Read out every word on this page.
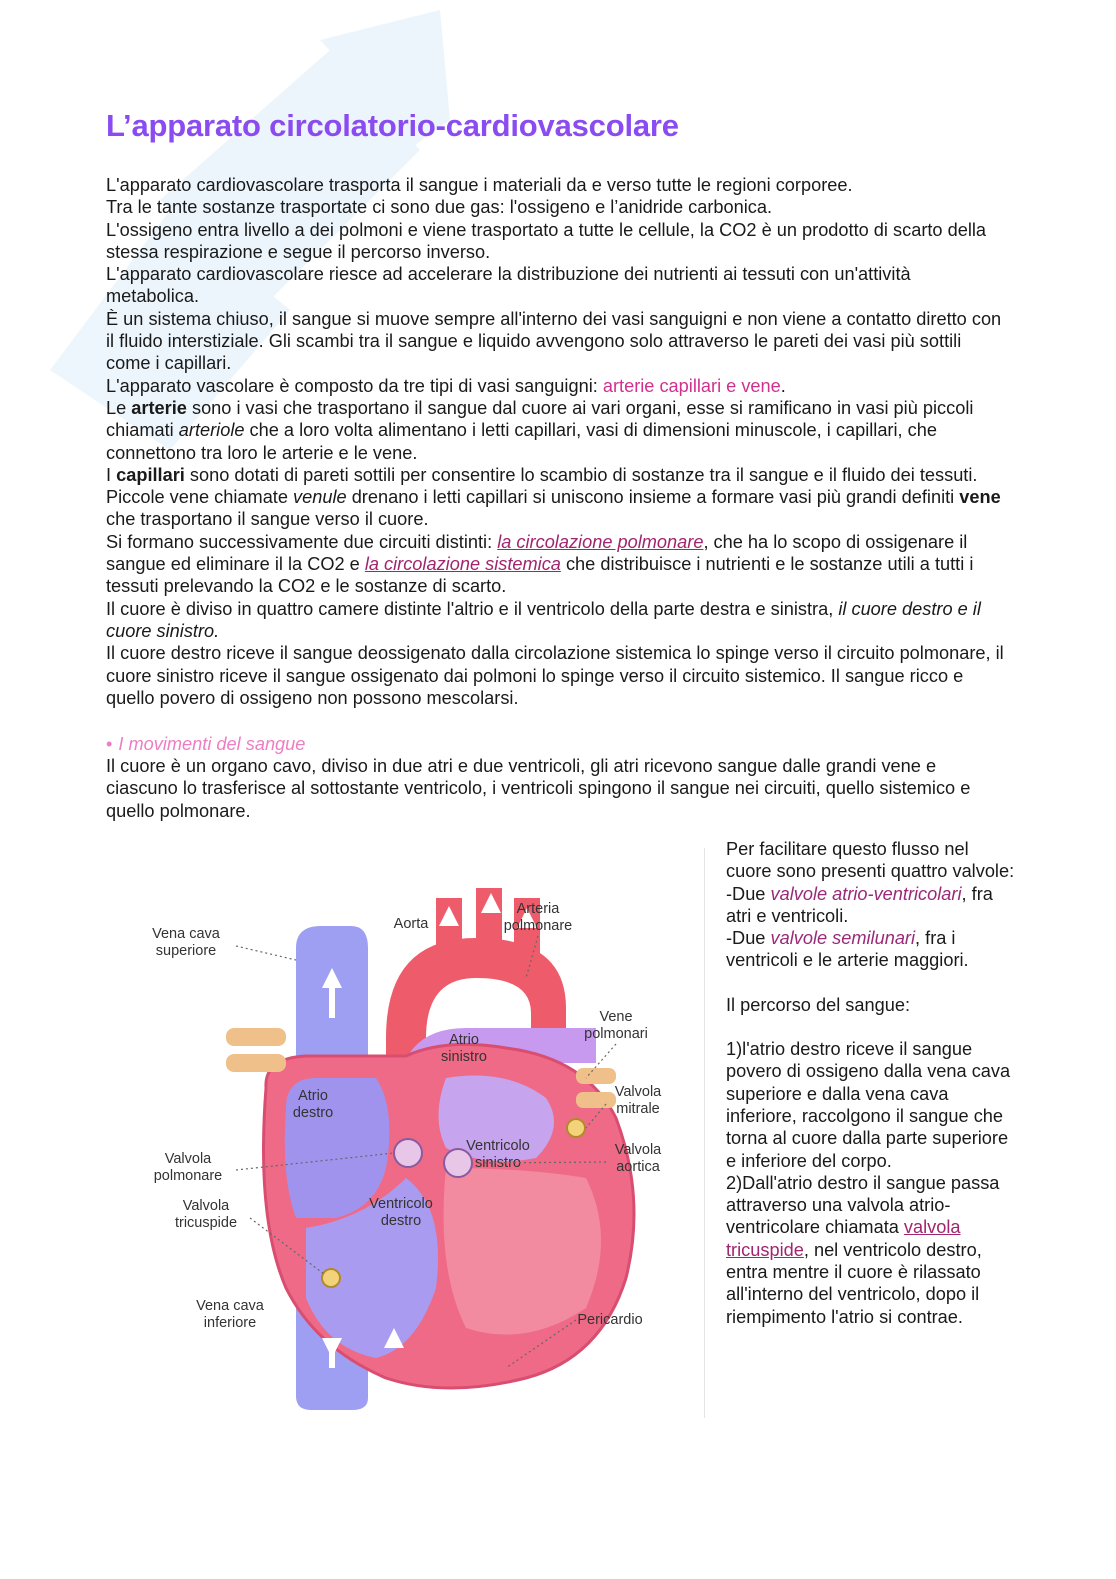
L’apparato circolatorio-cardiovascolare

L'apparato cardiovascolare trasporta il sangue i materiali da e verso tutte le regioni corporee.

Tra le tante sostanze trasportate ci sono due gas: l'ossigeno e l’anidride carbonica.

L'ossigeno entra livello a dei polmoni e viene trasportato a tutte le cellule, la CO2 è un prodotto di scarto della stessa respirazione e segue il percorso inverso.

L'apparato cardiovascolare riesce ad accelerare la distribuzione dei nutrienti ai tessuti con un'attività metabolica.

È un sistema chiuso, il sangue si muove sempre all'interno dei vasi sanguigni e non viene a contatto diretto con il fluido interstiziale. Gli scambi tra il sangue e liquido avvengono solo attraverso le pareti dei vasi più sottili come i capillari.

L'apparato vascolare è composto da tre tipi di vasi sanguigni: arterie capillari e vene.

Le arterie sono i vasi che trasportano il sangue dal cuore ai vari organi, esse si ramificano in vasi più piccoli chiamati arteriole che a loro volta alimentano i letti capillari, vasi di dimensioni minuscole, i capillari, che connettono tra loro le arterie e le vene.

I capillari sono dotati di pareti sottili per consentire lo scambio di sostanze tra il sangue e il fluido dei tessuti. Piccole vene chiamate venule drenano i letti capillari si uniscono insieme a formare vasi più grandi definiti vene che trasportano il sangue verso il cuore.

Si formano successivamente due circuiti distinti: la circolazione polmonare, che ha lo scopo di ossigenare il sangue ed eliminare il la CO2 e la circolazione sistemica che distribuisce i nutrienti e le sostanze utili a tutti i tessuti prelevando la CO2 e le sostanze di scarto.

Il cuore è diviso in quattro camere distinte l'altrio e il ventricolo della parte destra e sinistra, il cuore destro e il cuore sinistro.

Il cuore destro riceve il sangue deossigenato dalla circolazione sistemica lo spinge verso il circuito polmonare, il cuore sinistro riceve il sangue ossigenato dai polmoni lo spinge verso il circuito sistemico. Il sangue ricco e quello povero di ossigeno non possono mescolarsi.

• I movimenti del sangue

Il cuore è un organo cavo, diviso in due atri e due ventricoli, gli atri ricevono sangue dalle grandi vene e ciascuno lo trasferisce al sottostante ventricolo, i ventricoli spingono il sangue nei circuiti, quello sistemico e quello polmonare.

Vena cava
superiore
Aorta
Arteria
polmonare
Vene
polmonari
Atrio
sinistro
Atrio
destro
Valvola
mitrale
Valvola
aortica
Ventricolo
sinistro
Valvola
polmonare
Valvola
tricuspide
Ventricolo
destro
Vena cava
inferiore	Pericardio

Per facilitare questo flusso nel cuore sono presenti quattro valvole:

-Due valvole atrio-ventricolari, fra atri e ventricoli.

-Due valvole semilunari, fra i ventricoli e le arterie maggiori.

Il percorso del sangue:

1)l'atrio destro riceve il sangue povero di ossigeno dalla vena cava superiore e dalla vena cava inferiore, raccolgono il sangue che torna al cuore dalla parte superiore e inferiore del corpo.

2)Dall'atrio destro il sangue passa attraverso una valvola atrio-ventricolare chiamata valvola tricuspide, nel ventricolo destro, entra mentre il cuore è rilassato all'interno del ventricolo, dopo il riempimento l'atrio si contrae.
